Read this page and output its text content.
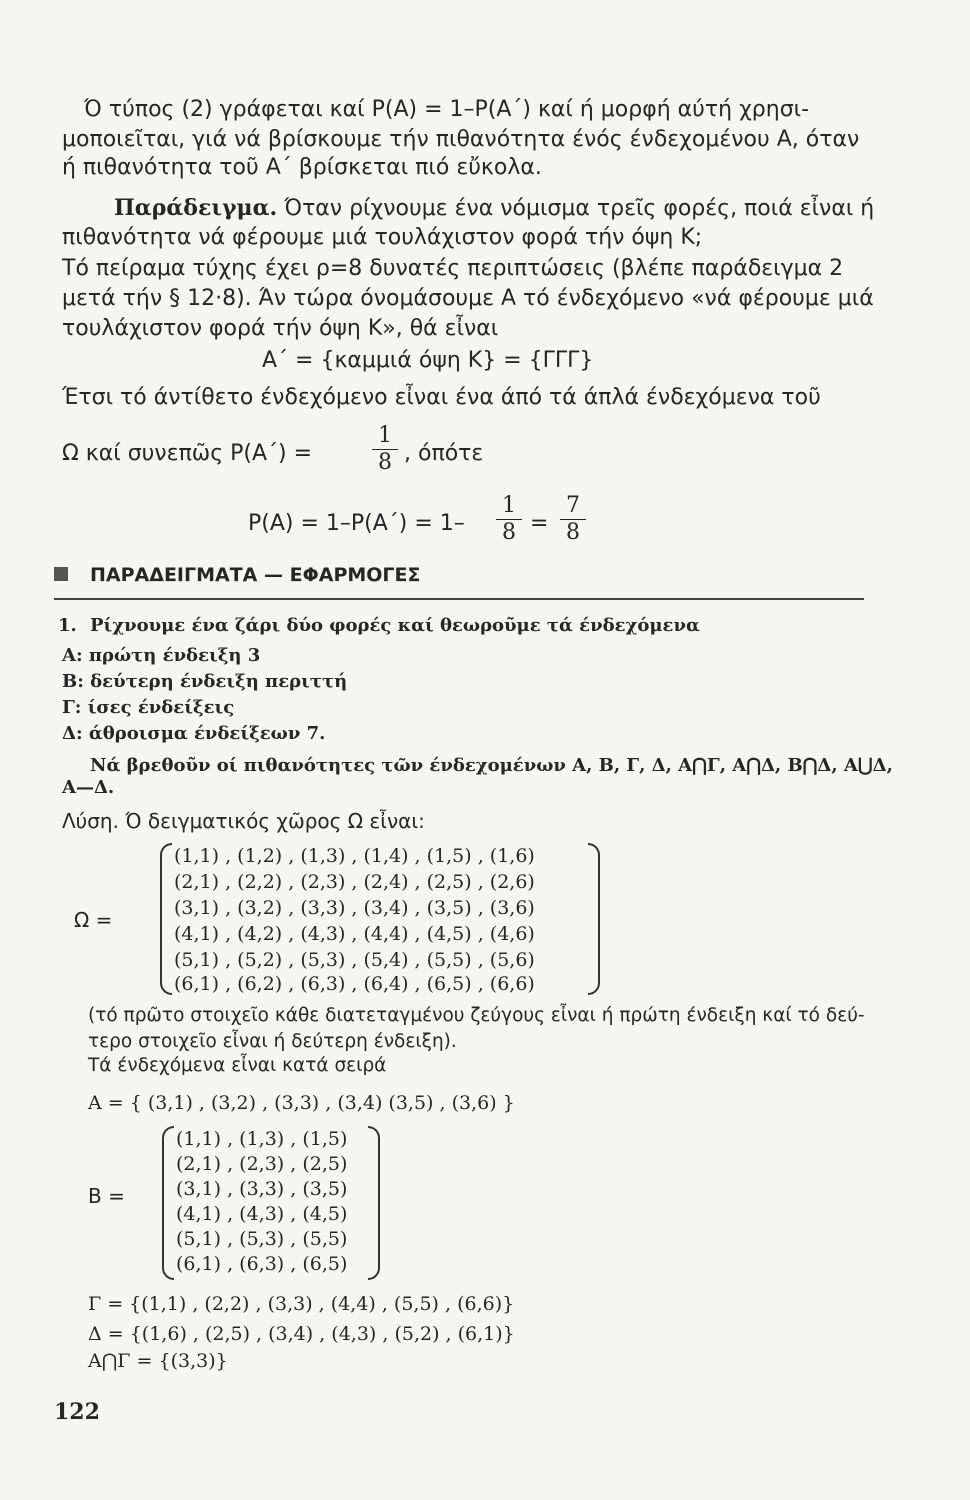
Ό τύπος (2) γράφεται καί P(A) = 1–P(A΄) καί ή μορφή αύτή χρησι-
μοποιεῖται, γιά νά βρίσκουμε τήν πιθανότητα ένός ένδεχομένου Α, όταν
ή πιθανότητα τοῦ Α΄ βρίσκεται πιό εὔκολα.
Παράδειγμα. Όταν ρίχνουμε ένα νόμισμα τρεῖς φορές, ποιά εἶναι ή
πιθανότητα νά φέρουμε μιά τουλάχιστον φορά τήν όψη Κ;
Τό πείραμα τύχης έχει ρ=8 δυνατές περιπτώσεις (βλέπε παράδειγμα 2
μετά τήν § 12·8). Άν τώρα όνομάσουμε Α τό ένδεχόμενο «νά φέρουμε μιά
τουλάχιστον φορά τήν όψη Κ», θά εἶναι
A΄ = {καμμιά όψη Κ} = {ΓΓΓ}
Έτσι τό άντίθετο ένδεχόμενο εἶναι ένα άπό τά άπλά ένδεχόμενα τοῦ
Ω καί συνεπῶς P(A΄) =
1
8 , όπότε
P(A) = 1–P(A΄) = 1–
1
8 =
7
8
ΠΑΡΑΔΕΙΓΜΑΤΑ — ΕΦΑΡΜΟΓΕΣ
1. Ρίχνουμε ένα ζάρι δύο φορές καί θεωροῦμε τά ένδεχόμενα
Α: πρώτη ένδειξη 3
Β: δεύτερη ένδειξη περιττή
Γ: ίσες ένδείξεις
Δ: άθροισμα ένδείξεων 7.
Νά βρεθοῦν οί πιθανότητες τῶν ένδεχομένων Α, Β, Γ, Δ, Α⋂Γ, Α⋂Δ, Β⋂Δ, Α⋃Δ,
Α—Δ.
Λύση. Ό δειγματικός χῶρος Ω εἶναι:
Ω =
(1,1) , (1,2) , (1,3) , (1,4) , (1,5) , (1,6)
(2,1) , (2,2) , (2,3) , (2,4) , (2,5) , (2,6)
(3,1) , (3,2) , (3,3) , (3,4) , (3,5) , (3,6)
(4,1) , (4,2) , (4,3) , (4,4) , (4,5) , (4,6)
(5,1) , (5,2) , (5,3) , (5,4) , (5,5) , (5,6)
(6,1) , (6,2) , (6,3) , (6,4) , (6,5) , (6,6)
(τό πρῶτο στοιχεῖο κάθε διατεταγμένου ζεύγους εἶναι ή πρώτη ένδειξη καί τό δεύ-
τερο στοιχεῖο εἶναι ή δεύτερη ένδειξη).
Τά ένδεχόμενα εἶναι κατά σειρά
Α = { (3,1) , (3,2) , (3,3) , (3,4) (3,5) , (3,6) }
Β =
(1,1) , (1,3) , (1,5)
(2,1) , (2,3) , (2,5)
(3,1) , (3,3) , (3,5)
(4,1) , (4,3) , (4,5)
(5,1) , (5,3) , (5,5)
(6,1) , (6,3) , (6,5)
Γ = {(1,1) , (2,2) , (3,3) , (4,4) , (5,5) , (6,6)}
Δ = {(1,6) , (2,5) , (3,4) , (4,3) , (5,2) , (6,1)}
Α⋂Γ = {(3,3)}
122
